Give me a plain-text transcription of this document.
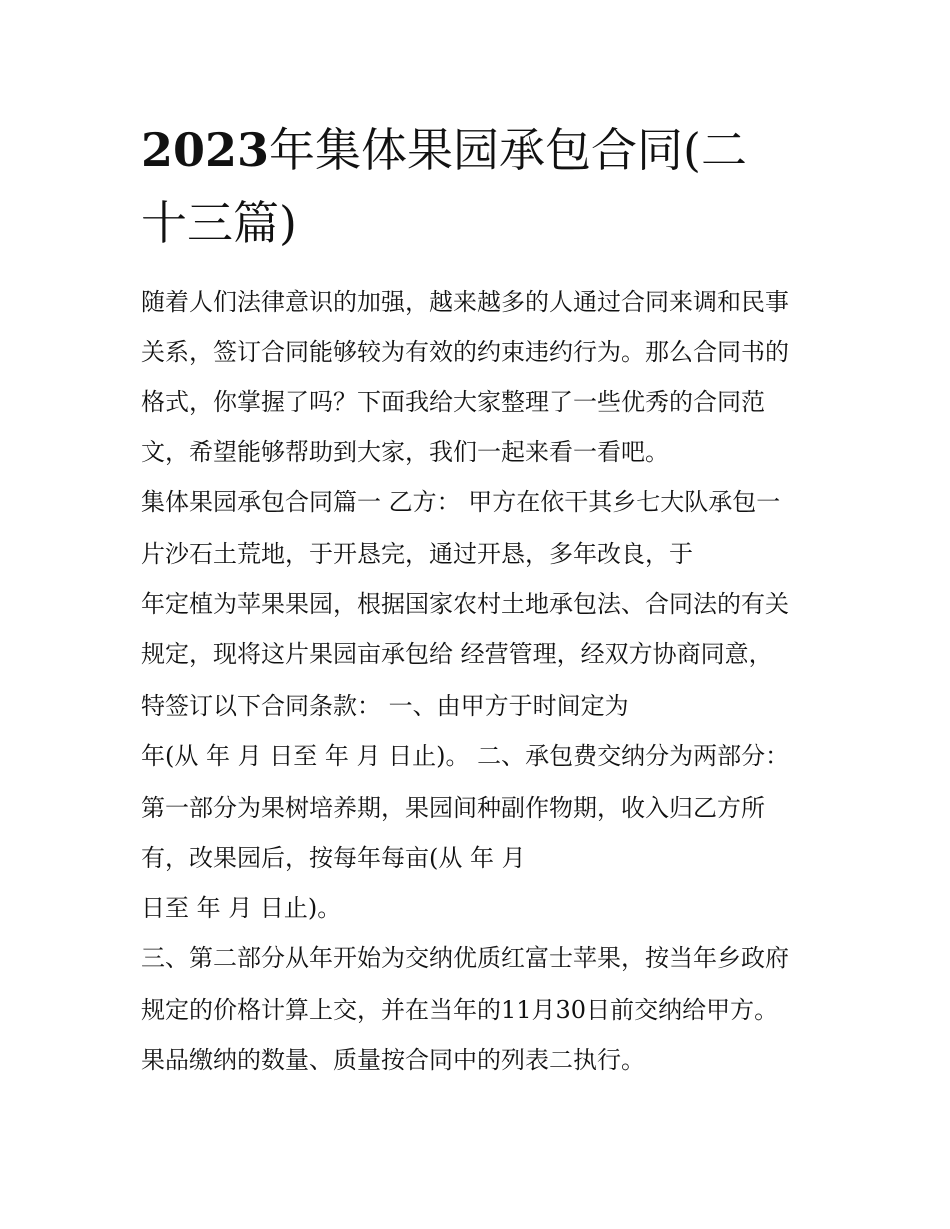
2023年集体果园承包合同(二
十三篇)

随着人们法律意识的加强，越来越多的人通过合同来调和民事

关系，签订合同能够较为有效的约束违约行为。那么合同书的

格式，你掌握了吗？下面我给大家整理了一些优秀的合同范

文，希望能够帮助到大家，我们一起来看一看吧。

集体果园承包合同篇一 乙方： 甲方在依干其乡七大队承包一

片沙石土荒地，于开恳完，通过开恳，多年改良，于

年定植为苹果果园，根据国家农村土地承包法、合同法的有关

规定，现将这片果园亩承包给 经营管理，经双方协商同意，

特签订以下合同条款： 一、由甲方于时间定为

年(从 年 月 日至 年 月 日止)。 二、承包费交纳分为两部分：

第一部分为果树培养期，果园间种副作物期，收入归乙方所

有，改果园后，按每年每亩(从 年 月

日至 年 月 日止)。

三、第二部分从年开始为交纳优质红富士苹果，按当年乡政府

规定的价格计算上交，并在当年的11月30日前交纳给甲方。

果品缴纳的数量、质量按合同中的列表二执行。
